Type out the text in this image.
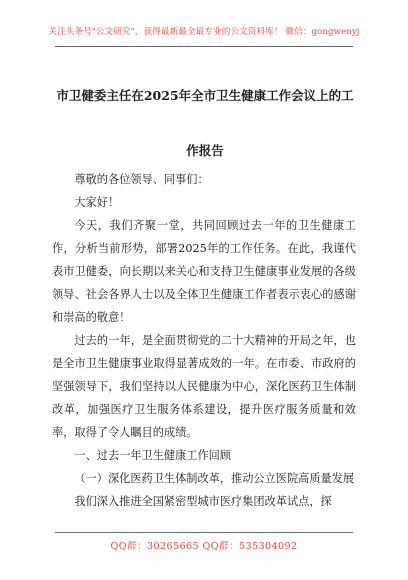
关注头条号"公文研究"，获得最新最全最专业的公文资料库！ 微信：gongwenyj
市卫健委主任在2025年全市卫生健康工作会议上的工作报告

尊敬的各位领导、同事们：

大家好！

今天，我们齐聚一堂，共同回顾过去一年的卫生健康工作，分析当前形势，部署2025年的工作任务。在此，我谨代表市卫健委，向长期以来关心和支持卫生健康事业发展的各级领导、社会各界人士以及全体卫生健康工作者表示衷心的感谢和崇高的敬意！

过去的一年，是全面贯彻党的二十大精神的开局之年，也是全市卫生健康事业取得显著成效的一年。在市委、市政府的坚强领导下，我们坚持以人民健康为中心，深化医药卫生体制改革，加强医疗卫生服务体系建设，提升医疗服务质量和效率，取得了令人瞩目的成绩。

一、过去一年卫生健康工作回顾

（一）深化医药卫生体制改革，推动公立医院高质量发展

我们深入推进全国紧密型城市医疗集团改革试点，探

QQ群：30265665 QQ群：535304092
